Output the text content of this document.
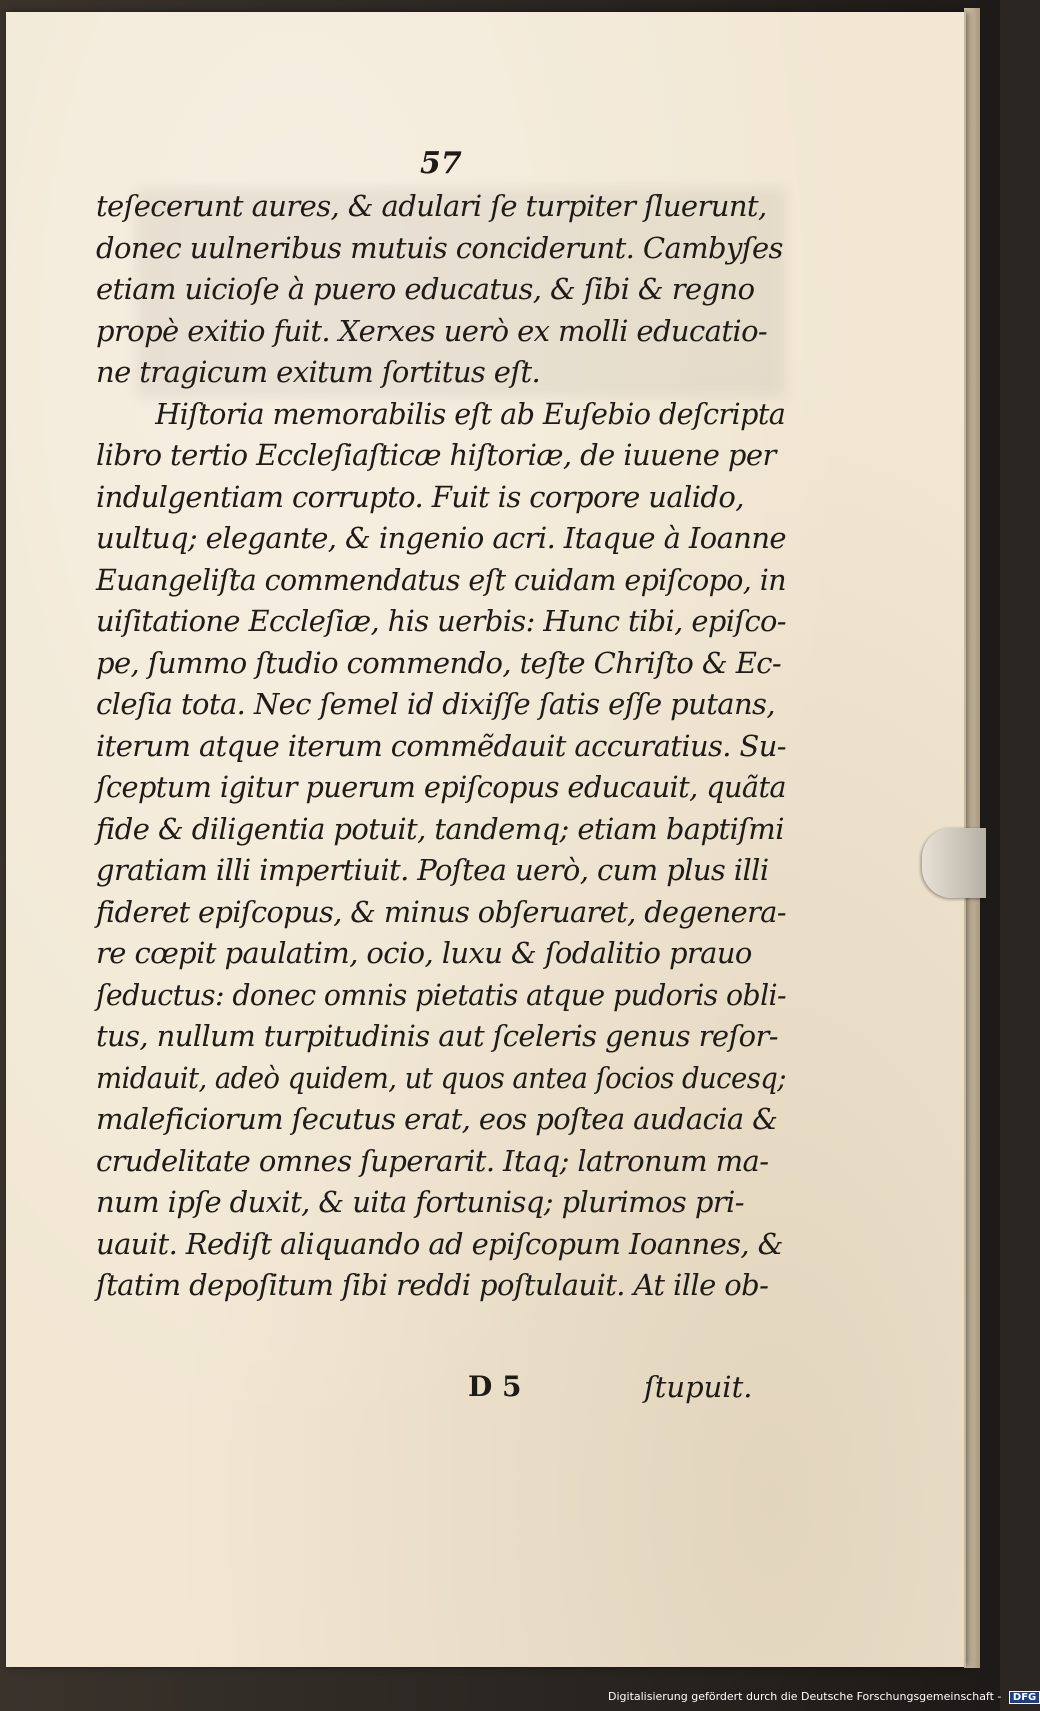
57
teſecerunt aures, & adulari ſe turpiter ſluerunt,
donec uulneribus mutuis conciderunt. Cambyſes
etiam uicioſe à puero educatus, & ſibi & regno
propè exitio fuit. Xerxes uerò ex molli educatio-
ne tragicum exitum ſortitus eſt.
Hiſtoria memorabilis eſt ab Euſebio deſcripta
libro tertio Eccleſiaſticæ hiſtoriæ, de iuuene per
indulgentiam corrupto. Fuit is corpore ualido,
uultuq; elegante, & ingenio acri. Itaque à Ioanne
Euangeliſta commendatus eſt cuidam epiſcopo, in
uiſitatione Eccleſiæ, his uerbis: Hunc tibi, epiſco-
pe, ſummo ſtudio commendo, teſte Chriſto & Ec-
cleſia tota. Nec ſemel id dixiſſe ſatis eſſe putans,
iterum atque iterum commẽdauit accuratius. Su-
ſceptum igitur puerum epiſcopus educauit, quãta
fide & diligentia potuit, tandemq; etiam baptiſmi
gratiam illi impertiuit. Poſtea uerò, cum plus illi
fideret epiſcopus, & minus obſeruaret, degenera-
re cœpit paulatim, ocio, luxu & ſodalitio prauo
ſeductus: donec omnis pietatis atque pudoris obli-
tus, nullum turpitudinis aut ſceleris genus reſor-
midauit, adeò quidem, ut quos antea ſocios ducesq;
maleficiorum ſecutus erat, eos poſtea audacia &
crudelitate omnes ſuperarit. Itaq; latronum ma-
num ipſe duxit, & uita fortunisq; plurimos pri-
uauit. Rediſt aliquando ad epiſcopum Ioannes, &
ſtatim depoſitum ſibi reddi poſtulauit. At ille ob-
D 5	ſtupuit.
Digitalisierung gefördert durch die Deutsche Forschungsgemeinschaft - DFG
